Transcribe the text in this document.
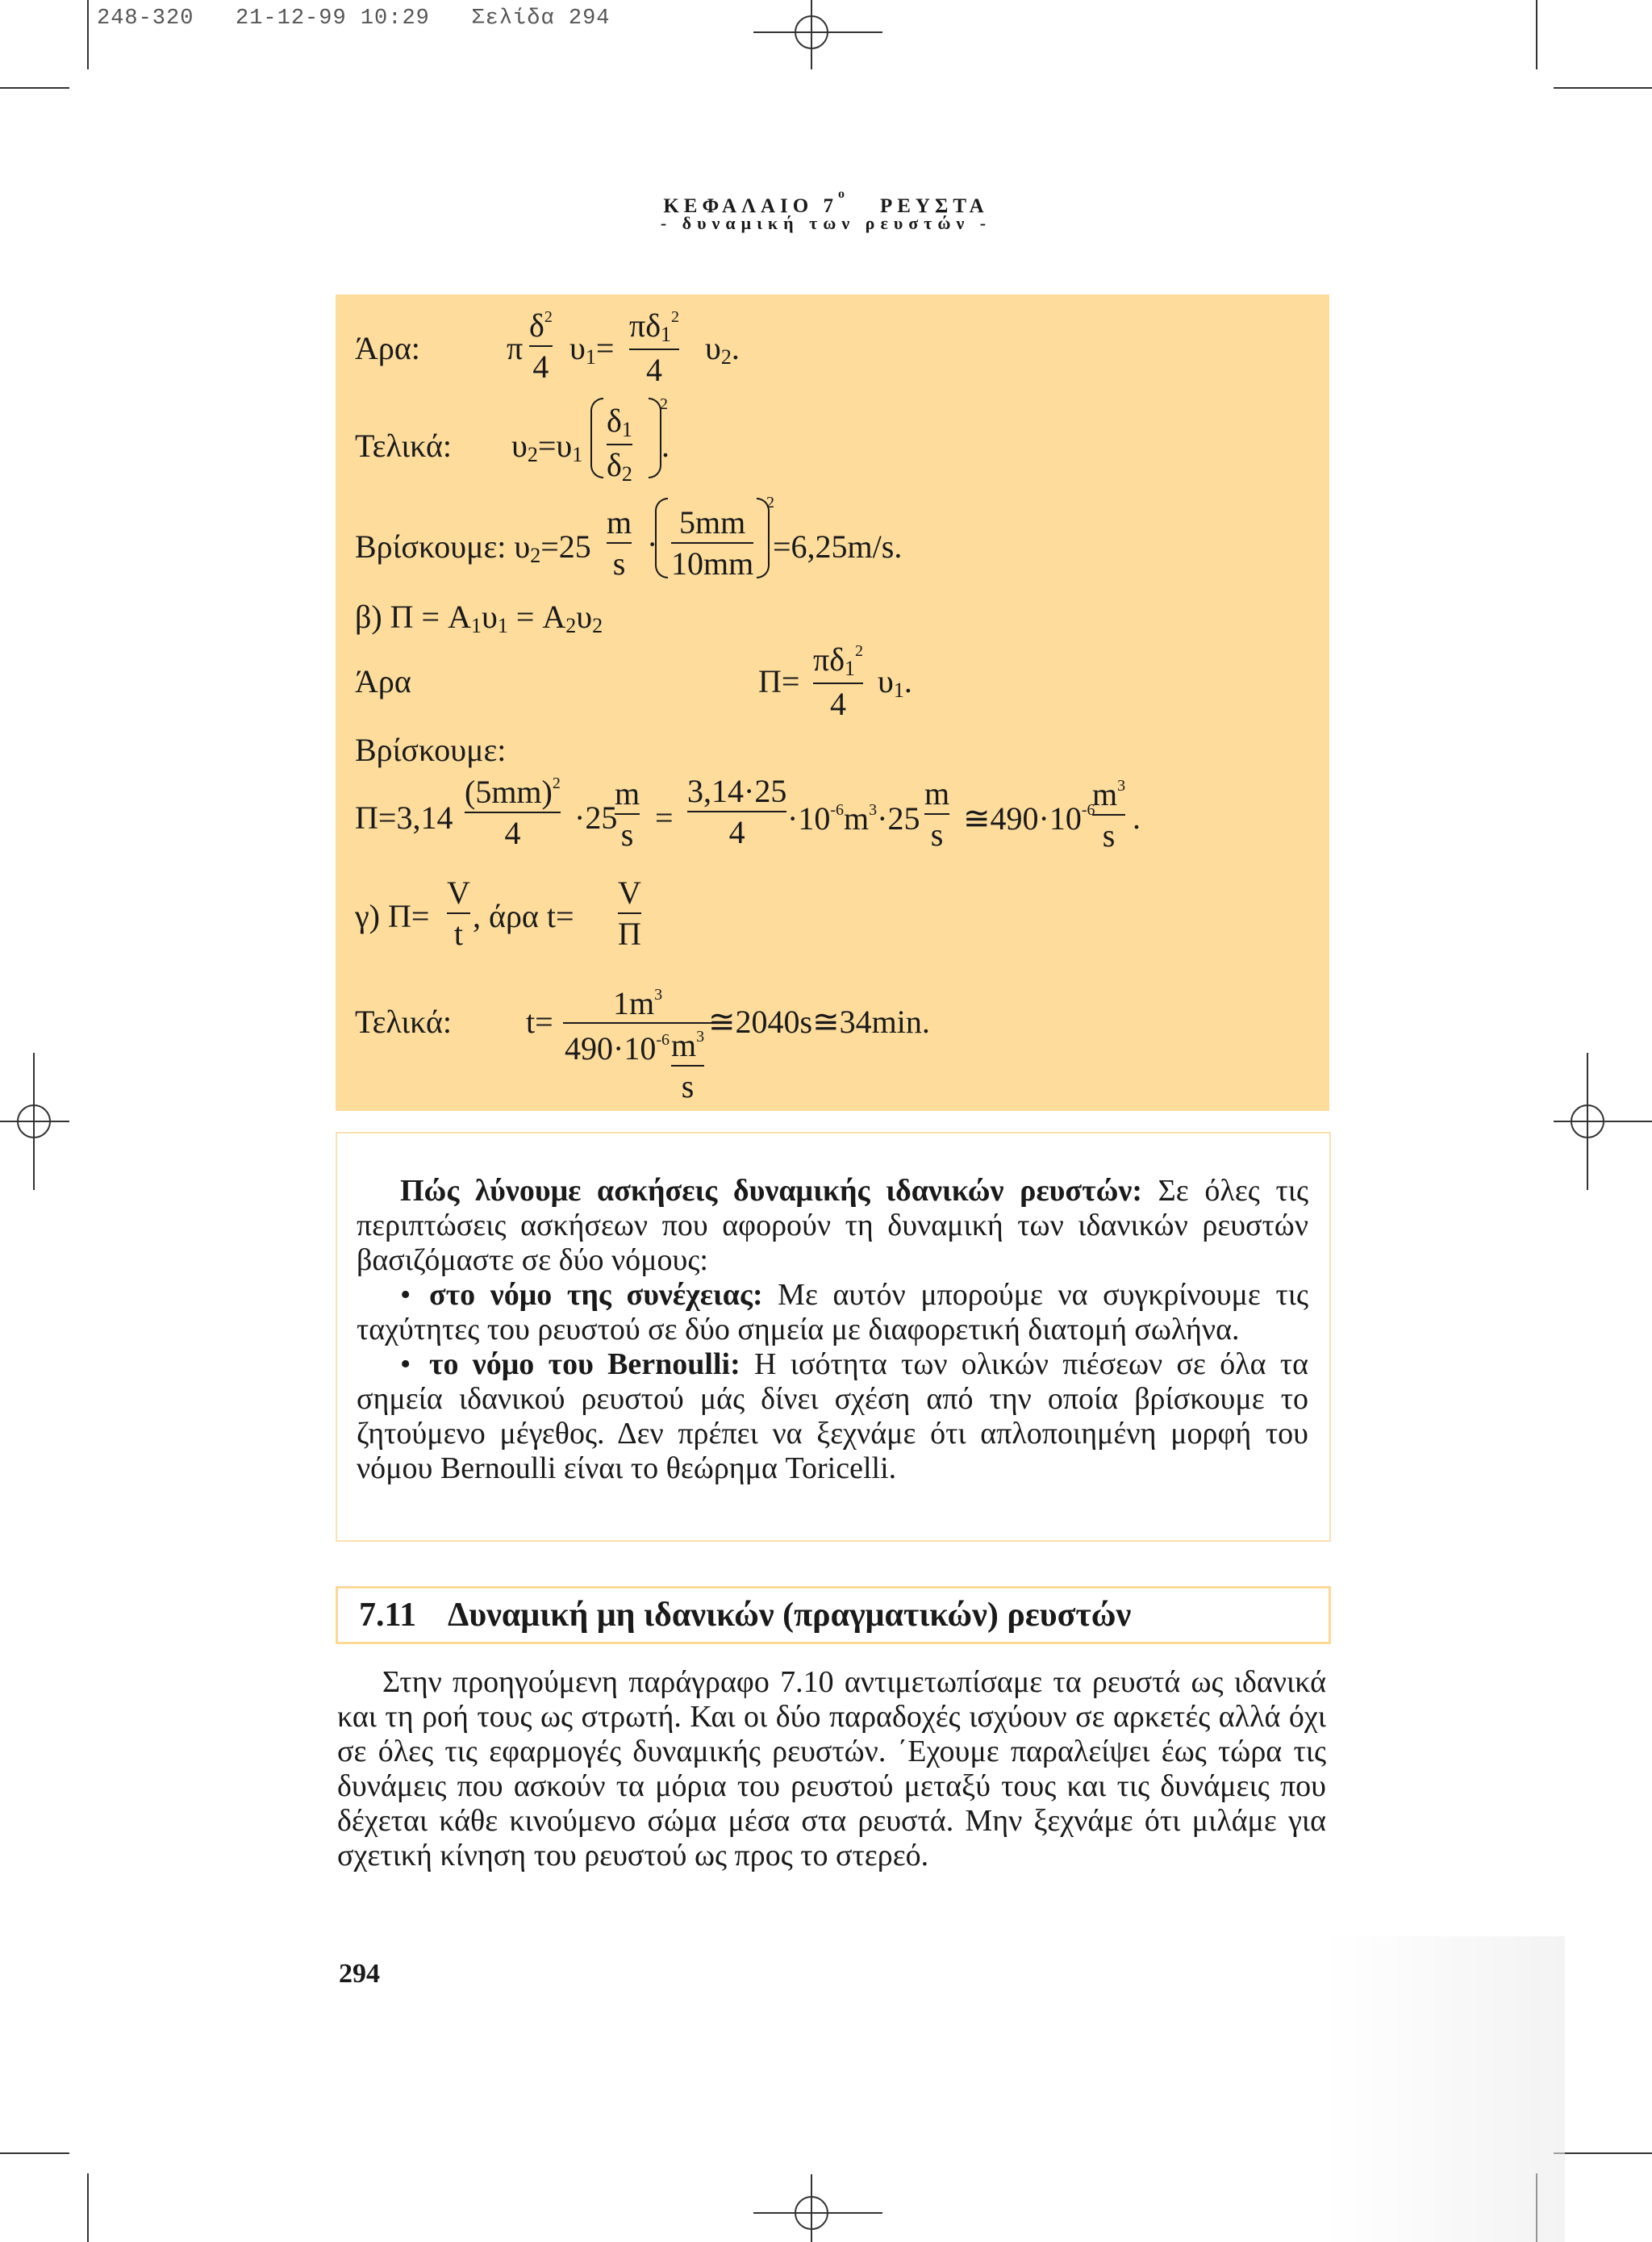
248-320   21-12-99 10:29   Σελίδα 294
ΚΕΦΑΛΑΙΟ $7^oPE\Upsilon\Sigma TA$
- δυναμική των ρευστών -
Άρα:	π
$\delta^2$
4
$\upsilon_1=$
$\pi\delta_1^2$
4
$\upsilon_2$.
Τελικά: $\upsilon_2=\upsilon_1$
$\delta_1$
$\delta_2$
2
.
Βρίσκουμε: $\upsilon_2=25$
m
s
·
5mm
10mm
2
=6,25m/s.
β) $\Pi = A_1\upsilon_1 = A_2\upsilon_2$
Άρα	Π=
$\pi\delta_1^2$
4
$\upsilon_1$.
Βρίσκουμε:
Π=3,14
$(5mm)^2$
4 ·25
m
s =
3,14·25
$4 \cdot 10^{-6}m^3\cdot 25$
m
s $≅490\cdot 10^{-6}$
$m^3$
s .
γ) Π=
V
t , άρα t=
V
Π
Τελικά: t=
$1m^3$
$490\cdot 10^{-6}$ $m^3$
s
≅2040s≅34min.

Πώς λύνουμε ασκήσεις δυναμικής ιδανικών ρευστών: Σε όλες τις περιπτώσεις ασκήσεων που αφορούν τη δυναμική των ιδανικών ρευστών βασιζόμαστε σε δύο νόμους:

• στο νόμο της συνέχειας: Με αυτόν μπορούμε να συγκρίνουμε τις ταχύτητες του ρευστού σε δύο σημεία με διαφορετική διατομή σωλήνα.

• το νόμο του Bernoulli: Η ισότητα των ολικών πιέσεων σε όλα τα σημεία ιδανικού ρευστού μάς δίνει σχέση από την οποία βρίσκουμε το ζητούμενο μέγεθος. Δεν πρέπει να ξεχνάμε ότι απλοποιημένη μορφή του νόμου Bernoulli είναι το θεώρημα Toricelli.

7.11 Δυναμική μη ιδανικών (πραγματικών) ρευστών

Στην προηγούμενη παράγραφο 7.10 αντιμετωπίσαμε τα ρευστά ως ιδανικά και τη ροή τους ως στρωτή. Και οι δύο παραδοχές ισχύουν σε αρκετές αλλά όχι σε όλες τις εφαρμογές δυναμικής ρευστών. ΄Εχουμε παραλείψει έως τώρα τις δυνάμεις που ασκούν τα μόρια του ρευστού μεταξύ τους και τις δυνάμεις που δέχεται κάθε κινούμενο σώμα μέσα στα ρευστά. Μην ξεχνάμε ότι μιλάμε για σχετική κίνηση του ρευστού ως προς το στερεό.

294
